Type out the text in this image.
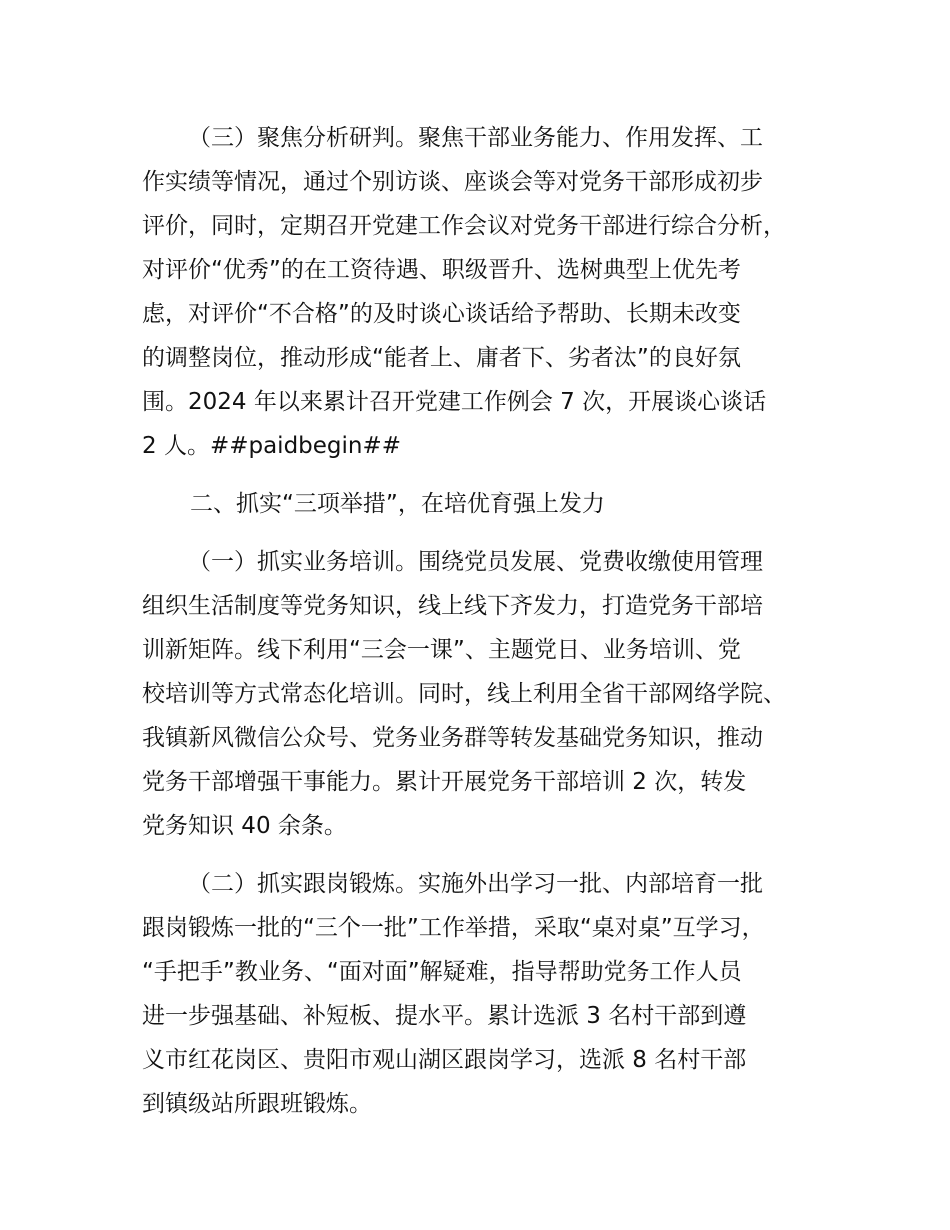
（三）聚焦分析研判。聚焦干部业务能力、作用发挥、工
作实绩等情况，通过个别访谈、座谈会等对党务干部形成初步
评价，同时，定期召开党建工作会议对党务干部进行综合分析，
对评价“优秀”的在工资待遇、职级晋升、选树典型上优先考
虑，对评价“不合格”的及时谈心谈话给予帮助、长期未改变
的调整岗位，推动形成“能者上、庸者下、劣者汰”的良好氛
围。2024 年以来累计召开党建工作例会 7 次，开展谈心谈话
2 人。##paidbegin##
二、抓实“三项举措”，在培优育强上发力
（一）抓实业务培训。围绕党员发展、党费收缴使用管理
组织生活制度等党务知识，线上线下齐发力，打造党务干部培
训新矩阵。线下利用“三会一课”、主题党日、业务培训、党
校培训等方式常态化培训。同时，线上利用全省干部网络学院、
我镇新风微信公众号、党务业务群等转发基础党务知识，推动
党务干部增强干事能力。累计开展党务干部培训 2 次，转发
党务知识 40 余条。
（二）抓实跟岗锻炼。实施外出学习一批、内部培育一批
跟岗锻炼一批的“三个一批”工作举措，采取“桌对桌”互学习，
“手把手”教业务、“面对面”解疑难，指导帮助党务工作人员
进一步强基础、补短板、提水平。累计选派 3 名村干部到遵
义市红花岗区、贵阳市观山湖区跟岗学习，选派 8 名村干部
到镇级站所跟班锻炼。
